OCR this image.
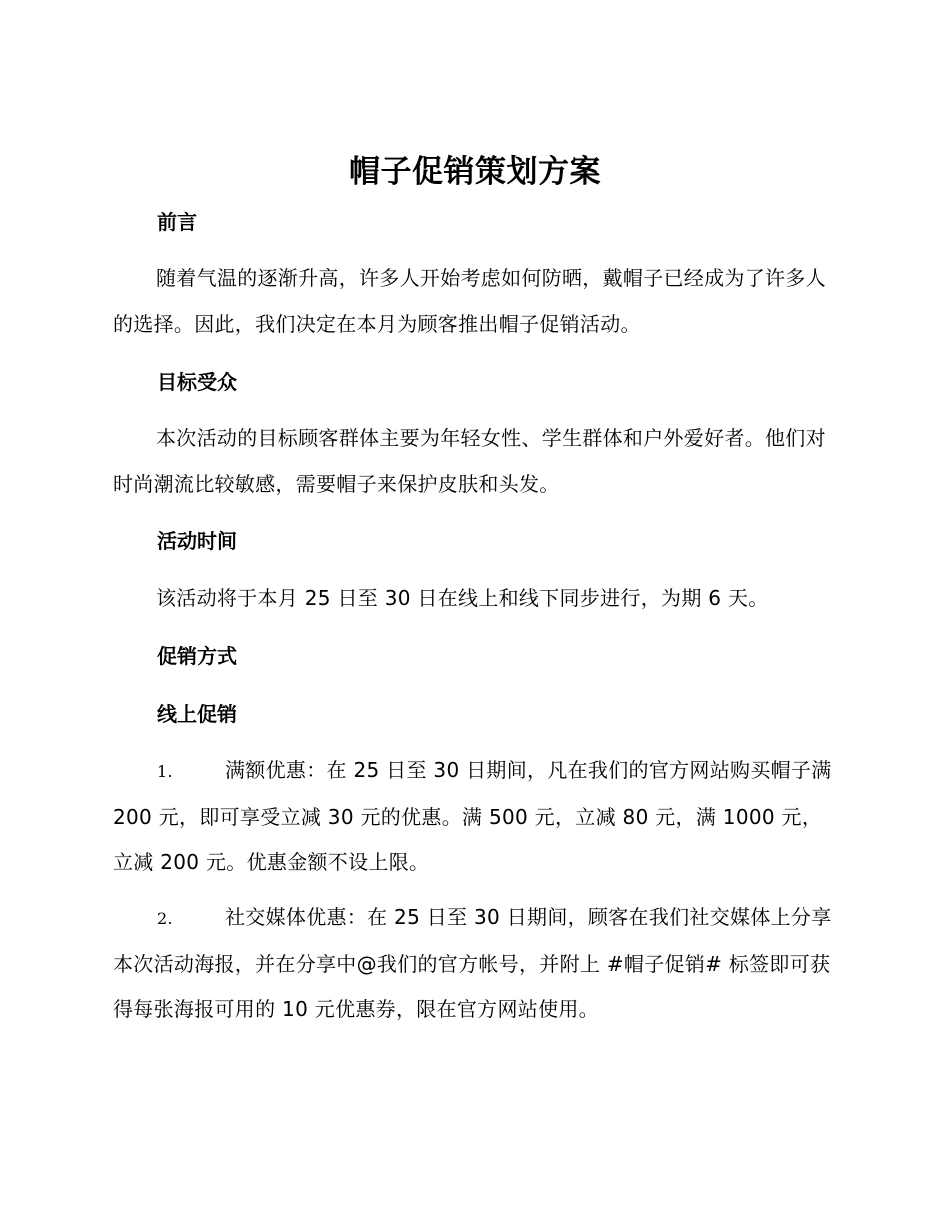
帽子促销策划方案
前言
随着气温的逐渐升高，许多人开始考虑如何防晒，戴帽子已经成为了许多人的选择。因此，我们决定在本月为顾客推出帽子促销活动。
目标受众
本次活动的目标顾客群体主要为年轻女性、学生群体和户外爱好者。他们对时尚潮流比较敏感，需要帽子来保护皮肤和头发。
活动时间
该活动将于本月 25 日至 30 日在线上和线下同步进行，为期 6 天。
促销方式
线上促销
1.	满额优惠：在 25 日至 30 日期间，凡在我们的官方网站购买帽子满 200 元，即可享受立减 30 元的优惠。满 500 元，立减 80 元，满 1000 元，立减 200 元。优惠金额不设上限。
2.	社交媒体优惠：在 25 日至 30 日期间，顾客在我们社交媒体上分享本次活动海报，并在分享中@我们的官方帐号，并附上 #帽子促销# 标签即可获得每张海报可用的 10 元优惠券，限在官方网站使用。
